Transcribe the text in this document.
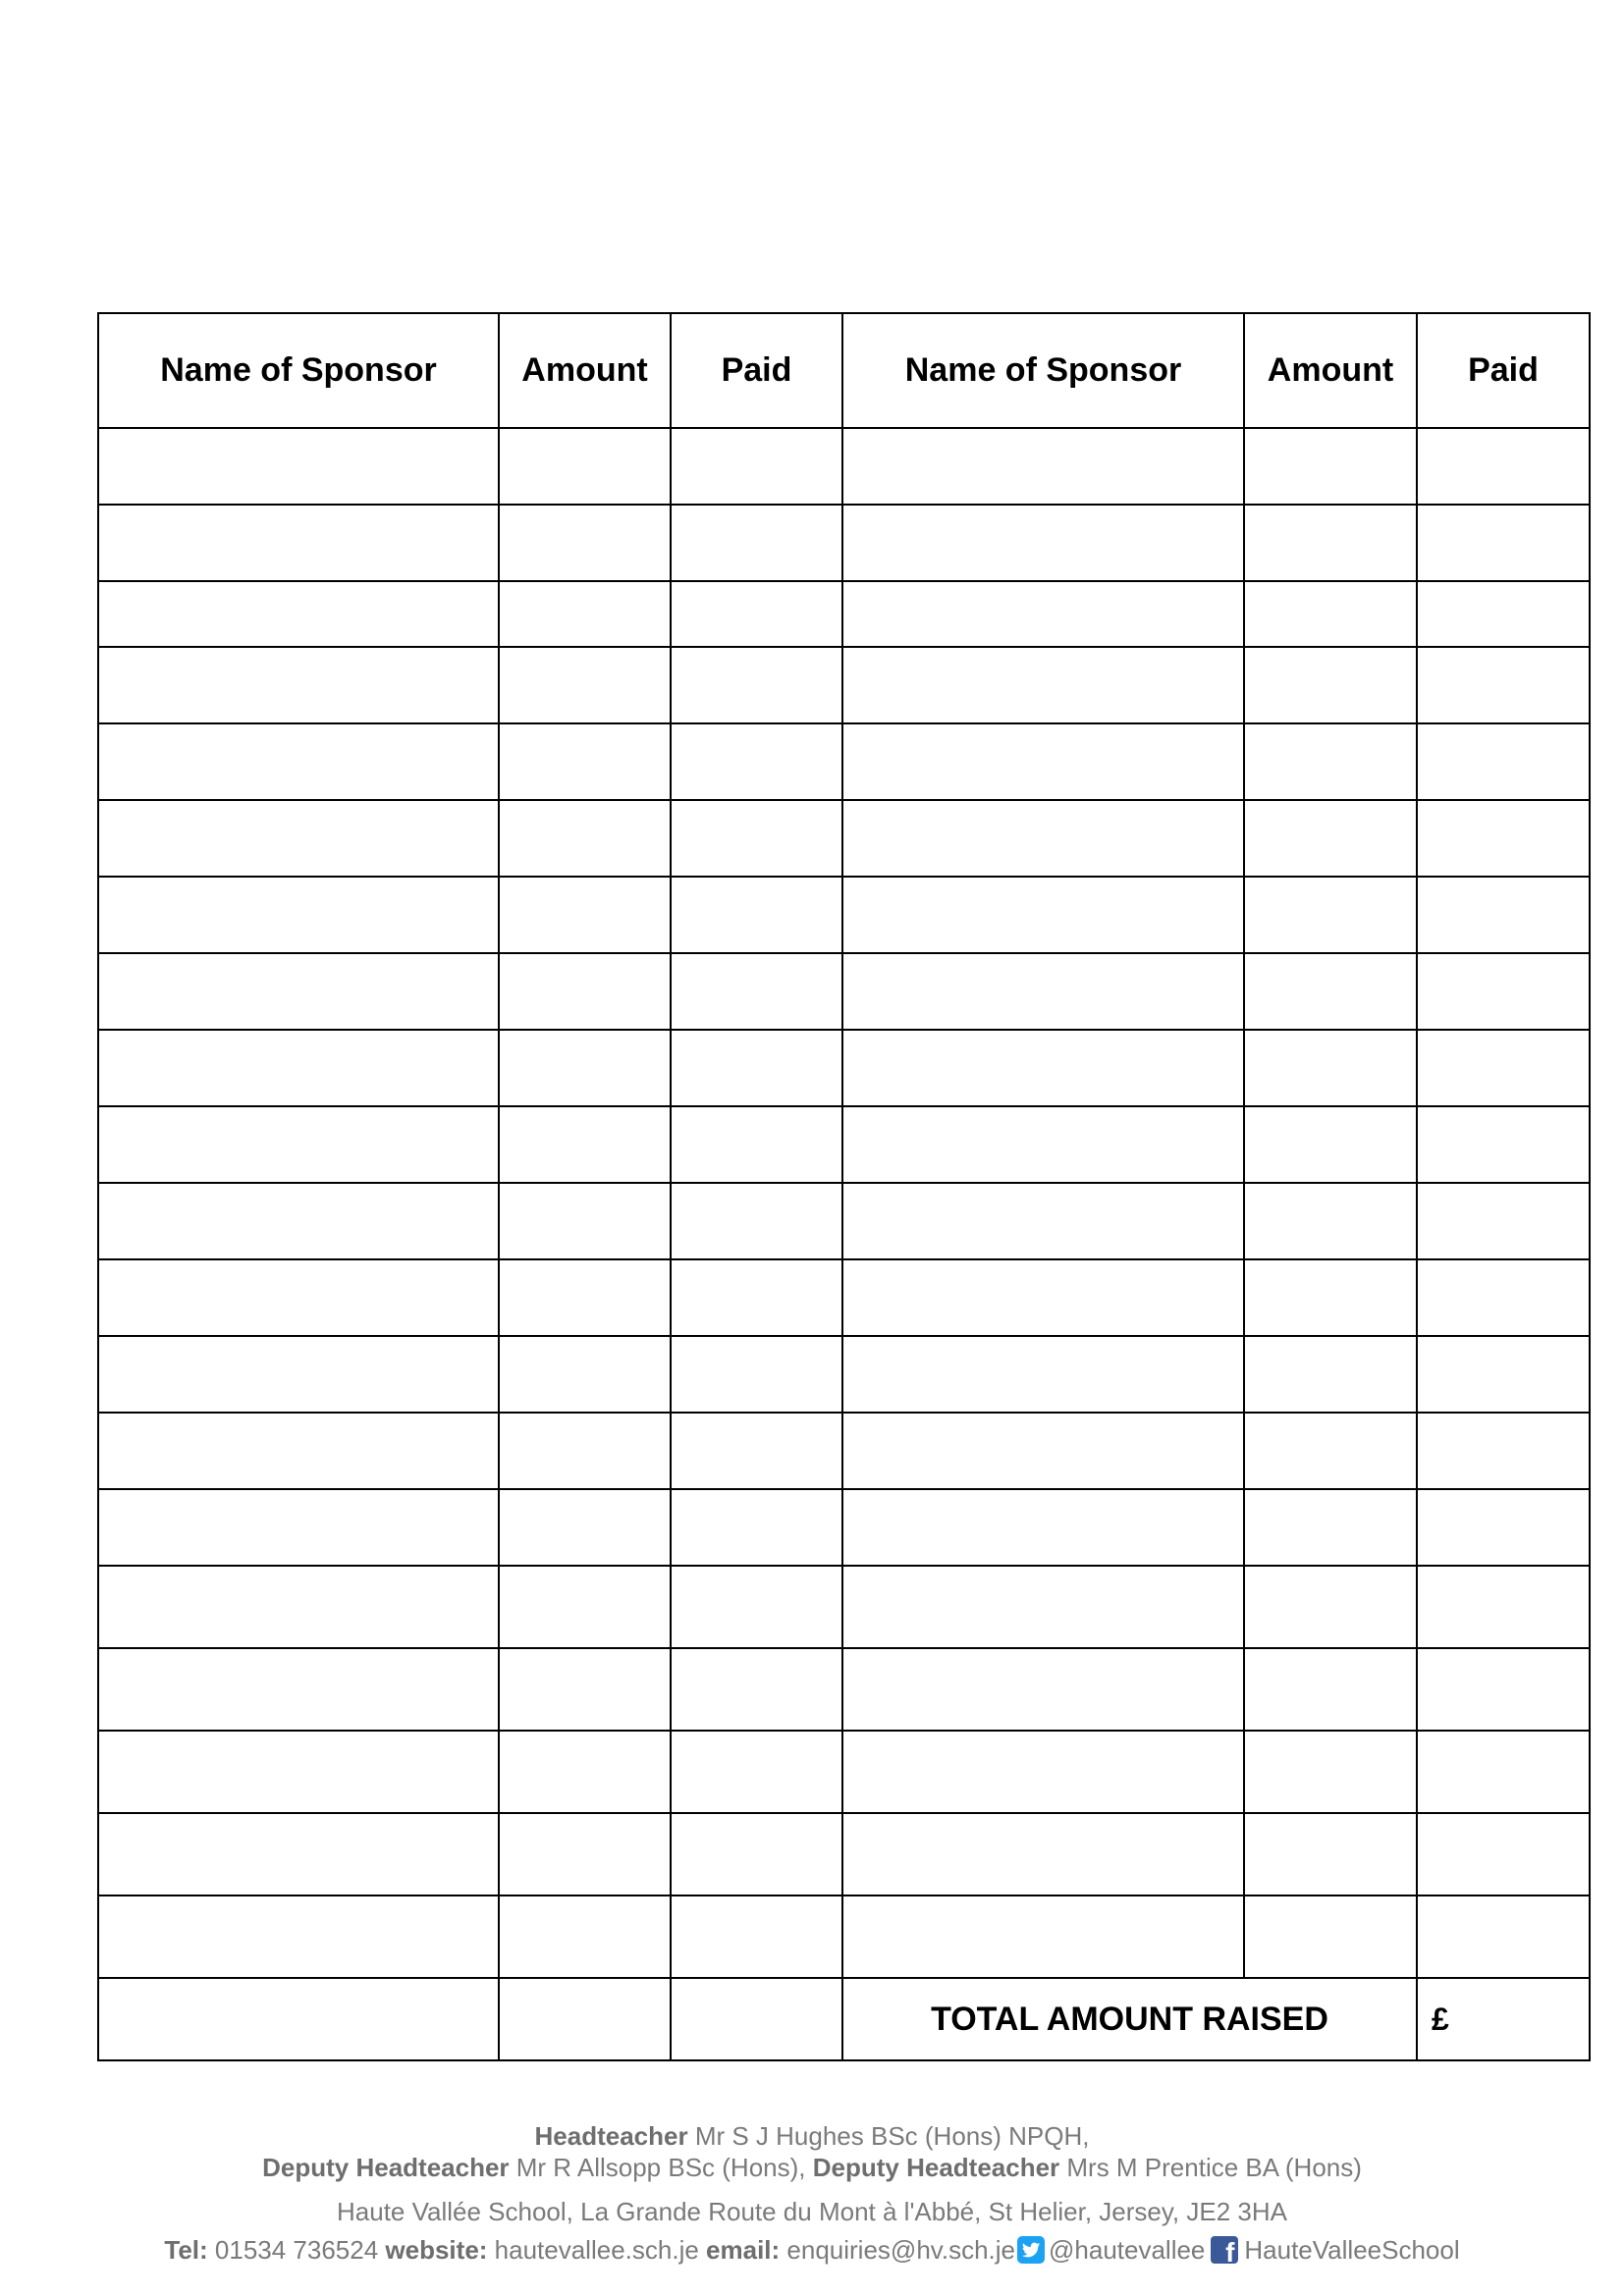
Name of Sponsor	Amount	Paid	Name of Sponsor	Amount	Paid

			TOTAL AMOUNT RAISED		£
Headteacher Mr S J Hughes BSc (Hons) NPQH,
Deputy Headteacher Mr R Allsopp BSc (Hons), Deputy Headteacher Mrs M Prentice BA (Hons)
Haute Vallée School, La Grande Route du Mont à l'Abbé, St Helier, Jersey, JE2 3HA
Tel: 01534 736524 website: hautevallee.sch.je email: enquiries@hv.sch.je @hautevallee f HauteValleeSchool
